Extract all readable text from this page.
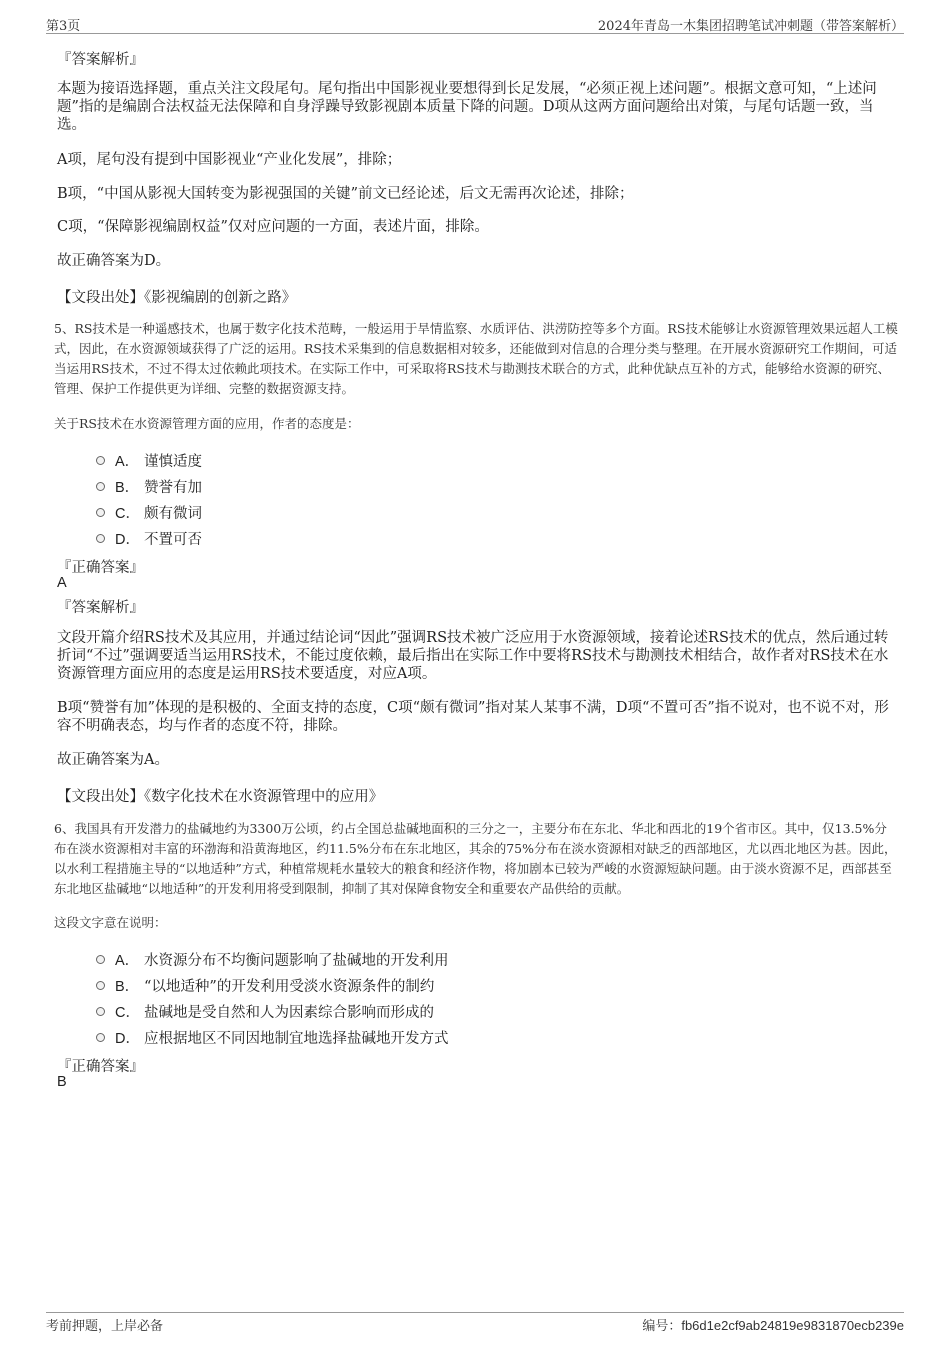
第3页	2024年青岛一木集团招聘笔试冲刺题（带答案解析）
『答案解析』
本题为接语选择题，重点关注文段尾句。尾句指出中国影视业要想得到长足发展，“必须正视上述问题”。根据文意可知，“上述问题”指的是编剧合法权益无法保障和自身浮躁导致影视剧本质量下降的问题。D项从这两方面问题给出对策，与尾句话题一致，当选。
A项，尾句没有提到中国影视业“产业化发展”，排除；
B项，“中国从影视大国转变为影视强国的关键”前文已经论述，后文无需再次论述，排除；
C项，“保障影视编剧权益”仅对应问题的一方面，表述片面，排除。
故正确答案为D。
【文段出处】《影视编剧的创新之路》
5、RS技术是一种遥感技术，也属于数字化技术范畴，一般运用于旱情监察、水质评估、洪涝防控等多个方面。RS技术能够让水资源管理效果远超人工模式，因此，在水资源领域获得了广泛的运用。RS技术采集到的信息数据相对较多，还能做到对信息的合理分类与整理。在开展水资源研究工作期间，可适当运用RS技术，不过不得太过依赖此项技术。在实际工作中，可采取将RS技术与勘测技术联合的方式，此种优缺点互补的方式，能够给水资源的研究、管理、保护工作提供更为详细、完整的数据资源支持。
关于RS技术在水资源管理方面的应用，作者的态度是：
A． 谨慎适度
B． 赞誉有加
C． 颇有微词
D． 不置可否
『正确答案』
A
『答案解析』
文段开篇介绍RS技术及其应用，并通过结论词“因此”强调RS技术被广泛应用于水资源领域，接着论述RS技术的优点，然后通过转折词“不过”强调要适当运用RS技术，不能过度依赖，最后指出在实际工作中要将RS技术与勘测技术相结合，故作者对RS技术在水资源管理方面应用的态度是运用RS技术要适度，对应A项。
B项“赞誉有加”体现的是积极的、全面支持的态度，C项“颇有微词”指对某人某事不满，D项“不置可否”指不说对，也不说不对，形容不明确表态，均与作者的态度不符，排除。
故正确答案为A。
【文段出处】《数字化技术在水资源管理中的应用》
6、我国具有开发潜力的盐碱地约为3300万公顷，约占全国总盐碱地面积的三分之一，主要分布在东北、华北和西北的19个省市区。其中，仅13.5%分布在淡水资源相对丰富的环渤海和沿黄海地区，约11.5%分布在东北地区，其余的75%分布在淡水资源相对缺乏的西部地区，尤以西北地区为甚。因此，以水利工程措施主导的“以地适种”方式，种植常规耗水量较大的粮食和经济作物，将加剧本已较为严峻的水资源短缺问题。由于淡水资源不足，西部甚至东北地区盐碱地“以地适种”的开发利用将受到限制，抑制了其对保障食物安全和重要农产品供给的贡献。
这段文字意在说明：
A． 水资源分布不均衡问题影响了盐碱地的开发利用
B． “以地适种”的开发利用受淡水资源条件的制约
C． 盐碱地是受自然和人为因素综合影响而形成的
D． 应根据地区不同因地制宜地选择盐碱地开发方式
『正确答案』
B
考前押题，上岸必备	编号：fb6d1e2cf9ab24819e9831870ecb239e
